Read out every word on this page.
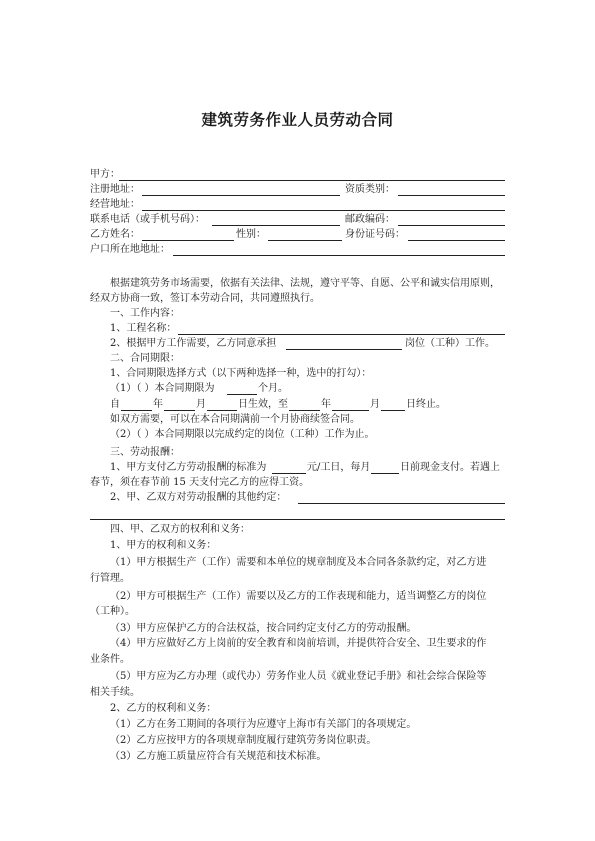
建筑劳务作业人员劳动合同
甲方：
注册地址：	资质类别：
经营地址：
联系电话（或手机号码）：	邮政编码：
乙方姓名：	性别：	身份证号码：
户口所在地地址：
根据建筑劳务市场需要，依据有关法律、法规，遵守平等、自愿、公平和诚实信用原则，
经双方协商一致，签订本劳动合同，共同遵照执行。
一、工作内容：
1、工程名称：
2、根据甲方工作需要，乙方同意承担	岗位（工种）工作。
二、合同期限：
1、合同期限选择方式（以下两种选择一种，选中的打勾）：
（1）（ ）本合同期限为	个月。
自	年	月	日生效，至	年	月	日终止。
如双方需要，可以在本合同期满前一个月协商续签合同。
（2）（ ）本合同期限以完成约定的岗位（工种）工作为止。
三、劳动报酬：
1、甲方支付乙方劳动报酬的标准为	元/工日，每月	日前现金支付。若遇上
春节，须在春节前 15 天支付完乙方的应得工资。
2、甲、乙双方对劳动报酬的其他约定：
四、甲、乙双方的权利和义务：
1、甲方的权利和义务：
（1）甲方根据生产（工作）需要和本单位的规章制度及本合同各条款约定，对乙方进
行管理。
（2）甲方可根据生产（工作）需要以及乙方的工作表现和能力，适当调整乙方的岗位
（工种）。
（3）甲方应保护乙方的合法权益，按合同约定支付乙方的劳动报酬。
（4）甲方应做好乙方上岗前的安全教育和岗前培训，并提供符合安全、卫生要求的作
业条件。
（5）甲方应为乙方办理（或代办）劳务作业人员《就业登记手册》和社会综合保险等
相关手续。
2、乙方的权利和义务：
（1）乙方在务工期间的各项行为应遵守上海市有关部门的各项规定。
（2）乙方应按甲方的各项规章制度履行建筑劳务岗位职责。
（3）乙方施工质量应符合有关规范和技术标准。
